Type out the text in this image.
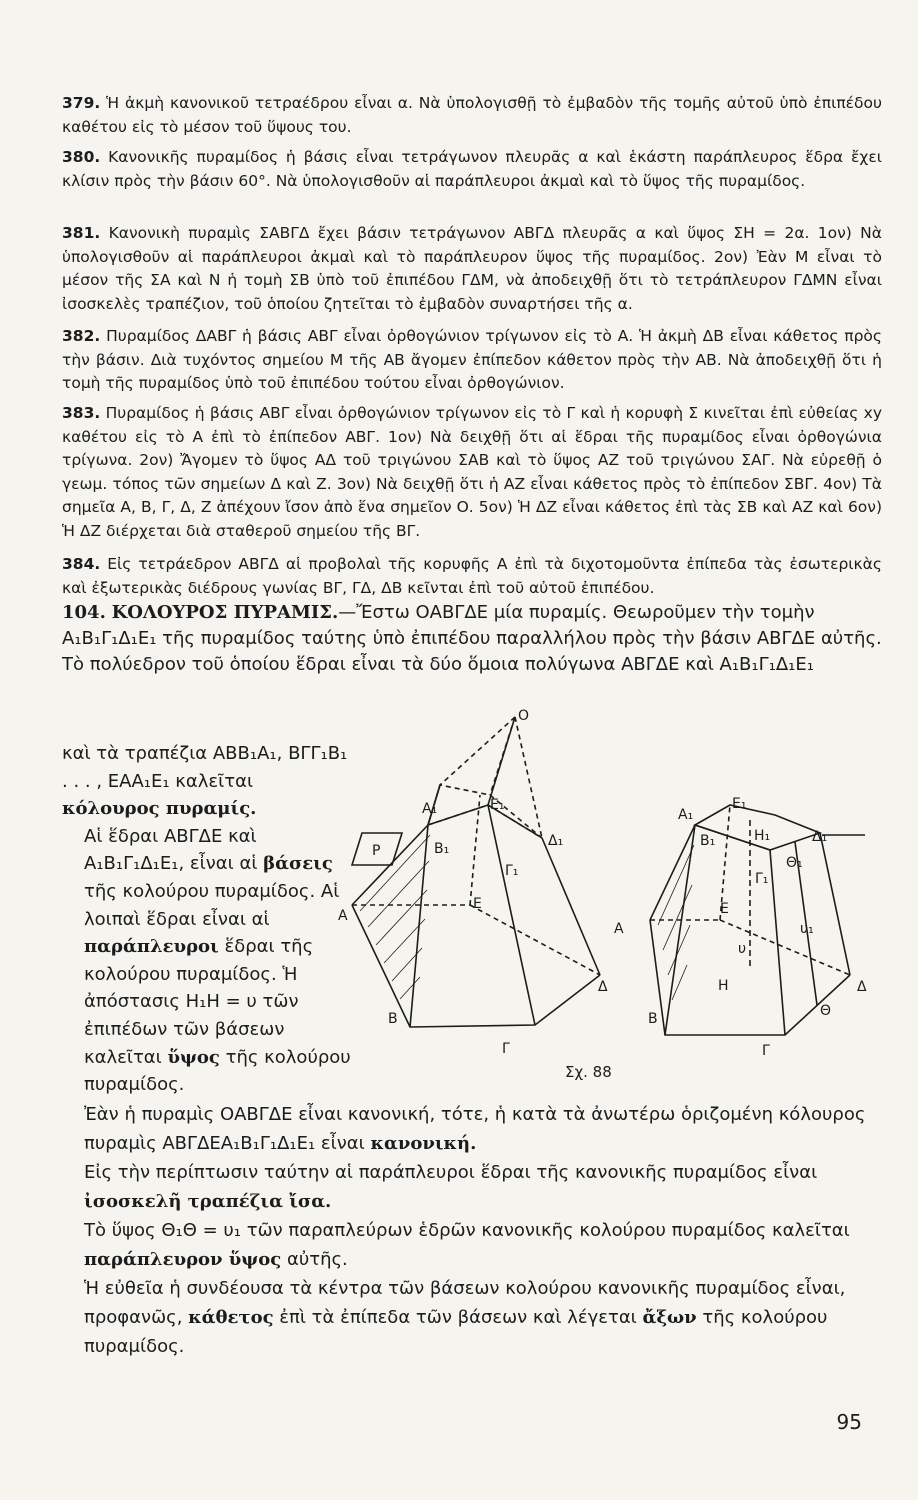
379. Ἡ ἀκμὴ κανονικοῦ τετραέδρου εἶναι α. Νὰ ὑπολογισθῇ τὸ ἐμβαδὸν τῆς τομῆς αὐτοῦ ὑπὸ ἐπιπέδου καθέτου εἰς τὸ μέσον τοῦ ὕψους του.
380. Κανονικῆς πυραμίδος ἡ βάσις εἶναι τετράγωνον πλευρᾶς α καὶ ἑκάστη παράπλευρος ἕδρα ἔχει κλίσιν πρὸς τὴν βάσιν 60°. Νὰ ὑπολογισθοῦν αἱ παράπλευροι ἀκμαὶ καὶ τὸ ὕψος τῆς πυραμίδος.
381. Κανονικὴ πυραμὶς ΣΑΒΓΔ ἔχει βάσιν τετράγωνον ΑΒΓΔ πλευρᾶς α καὶ ὕψος ΣΗ = 2α. 1ον) Νὰ ὑπολογισθοῦν αἱ παράπλευροι ἀκμαὶ καὶ τὸ παράπλευρον ὕψος τῆς πυραμίδος. 2ον) Ἐὰν Μ εἶναι τὸ μέσον τῆς ΣΑ καὶ Ν ἡ τομὴ ΣΒ ὑπὸ τοῦ ἐπιπέδου ΓΔΜ, νὰ ἀποδειχθῇ ὅτι τὸ τετράπλευρον ΓΔΜΝ εἶναι ἰσοσκελὲς τραπέζιον, τοῦ ὁποίου ζητεῖται τὸ ἐμβαδὸν συναρτήσει τῆς α.
382. Πυραμίδος ΔΑΒΓ ἡ βάσις ΑΒΓ εἶναι ὀρθογώνιον τρίγωνον εἰς τὸ Α. Ἡ ἀκμὴ ΔΒ εἶναι κάθετος πρὸς τὴν βάσιν. Διὰ τυχόντος σημείου Μ τῆς ΑΒ ἄγομεν ἐπίπεδον κάθετον πρὸς τὴν ΑΒ. Νὰ ἀποδειχθῇ ὅτι ἡ τομὴ τῆς πυραμίδος ὑπὸ τοῦ ἐπιπέδου τούτου εἶναι ὀρθογώνιον.
383. Πυραμίδος ἡ βάσις ΑΒΓ εἶναι ὀρθογώνιον τρίγωνον εἰς τὸ Γ καὶ ἡ κορυφὴ Σ κινεῖται ἐπὶ εὐθείας xy καθέτου εἰς τὸ Α ἐπὶ τὸ ἐπίπεδον ΑΒΓ. 1ον) Νὰ δειχθῇ ὅτι αἱ ἕδραι τῆς πυραμίδος εἶναι ὀρθογώνια τρίγωνα. 2ον) Ἄγομεν τὸ ὕψος ΑΔ τοῦ τριγώνου ΣΑΒ καὶ τὸ ὕψος ΑΖ τοῦ τριγώνου ΣΑΓ. Νὰ εὑρεθῇ ὁ γεωμ. τόπος τῶν σημείων Δ καὶ Ζ. 3ον) Νὰ δειχθῇ ὅτι ἡ ΑΖ εἶναι κάθετος πρὸς τὸ ἐπίπεδον ΣΒΓ. 4ον) Τὰ σημεῖα Α, Β, Γ, Δ, Ζ ἀπέχουν ἴσον ἀπὸ ἕνα σημεῖον Ο. 5ον) Ἡ ΔΖ εἶναι κάθετος ἐπὶ τὰς ΣΒ καὶ ΑΖ καὶ 6ον) Ἡ ΔΖ διέρχεται διὰ σταθεροῦ σημείου τῆς ΒΓ.
384. Εἰς τετράεδρον ΑΒΓΔ αἱ προβολαὶ τῆς κορυφῆς Α ἐπὶ τὰ διχοτομοῦντα ἐπίπεδα τὰς ἐσωτερικὰς καὶ ἐξωτερικὰς διέδρους γωνίας ΒΓ, ΓΔ, ΔΒ κεῖνται ἐπὶ τοῦ αὐτοῦ ἐπιπέδου.
104. ΚΟΛΟΥΡΟΣ ΠΥΡΑΜΙΣ.—Ἔστω ΟΑΒΓΔΕ μία πυραμίς. Θεωροῦμεν τὴν τομὴν Α₁Β₁Γ₁Δ₁Ε₁ τῆς πυραμίδος ταύτης ὑπὸ ἐπιπέδου παραλλήλου πρὸς τὴν βάσιν ΑΒΓΔΕ αὐτῆς. Τὸ πολύεδρον τοῦ ὁποίου ἕδραι εἶναι τὰ δύο ὅμοια πολύγωνα ΑΒΓΔΕ καὶ Α₁Β₁Γ₁Δ₁Ε₁
καὶ τὰ τραπέζια ΑΒΒ₁Α₁, ΒΓΓ₁Β₁ . . . , ΕΑΑ₁Ε₁ καλεῖται κόλουρος πυραμίς.
Αἱ ἕδραι ΑΒΓΔΕ καὶ Α₁Β₁Γ₁Δ₁Ε₁, εἶναι αἱ βάσεις τῆς κολούρου πυραμίδος. Αἱ λοιπαὶ ἕδραι εἶναι αἱ παράπλευροι ἕδραι τῆς κολούρου πυραμίδος. Ἡ ἀπόστασις Η₁Η = υ τῶν ἐπιπέδων τῶν βάσεων καλεῖται ὕψος τῆς κολούρου πυραμίδος.
O
A₁	E₁
Δ₁
B₁
Γ₁
E
A
Δ
B
Γ
P
A₁
E₁
H₁	Δ₁
Θ₁
B₁
Γ₁
E
A
υ
υ₁
H	Δ
Θ
B
Γ
Σχ. 88
Ἐὰν ἡ πυραμὶς ΟΑΒΓΔΕ εἶναι κανονική, τότε, ἡ κατὰ τὰ ἀνωτέρω ὁριζομένη κόλουρος πυραμὶς ΑΒΓΔΕΑ₁Β₁Γ₁Δ₁Ε₁ εἶναι κανονική.
Εἰς τὴν περίπτωσιν ταύτην αἱ παράπλευροι ἕδραι τῆς κανονικῆς πυραμίδος εἶναι ἰσοσκελῆ τραπέζια ἴσα.
Τὸ ὕψος Θ₁Θ = υ₁ τῶν παραπλεύρων ἑδρῶν κανονικῆς κολούρου πυραμίδος καλεῖται παράπλευρον ὕψος αὐτῆς.
Ἡ εὐθεῖα ἡ συνδέουσα τὰ κέντρα τῶν βάσεων κολούρου κανονικῆς πυραμίδος εἶναι, προφανῶς, κάθετος ἐπὶ τὰ ἐπίπεδα τῶν βάσεων καὶ λέγεται ἄξων τῆς κολούρου πυραμίδος.
95
